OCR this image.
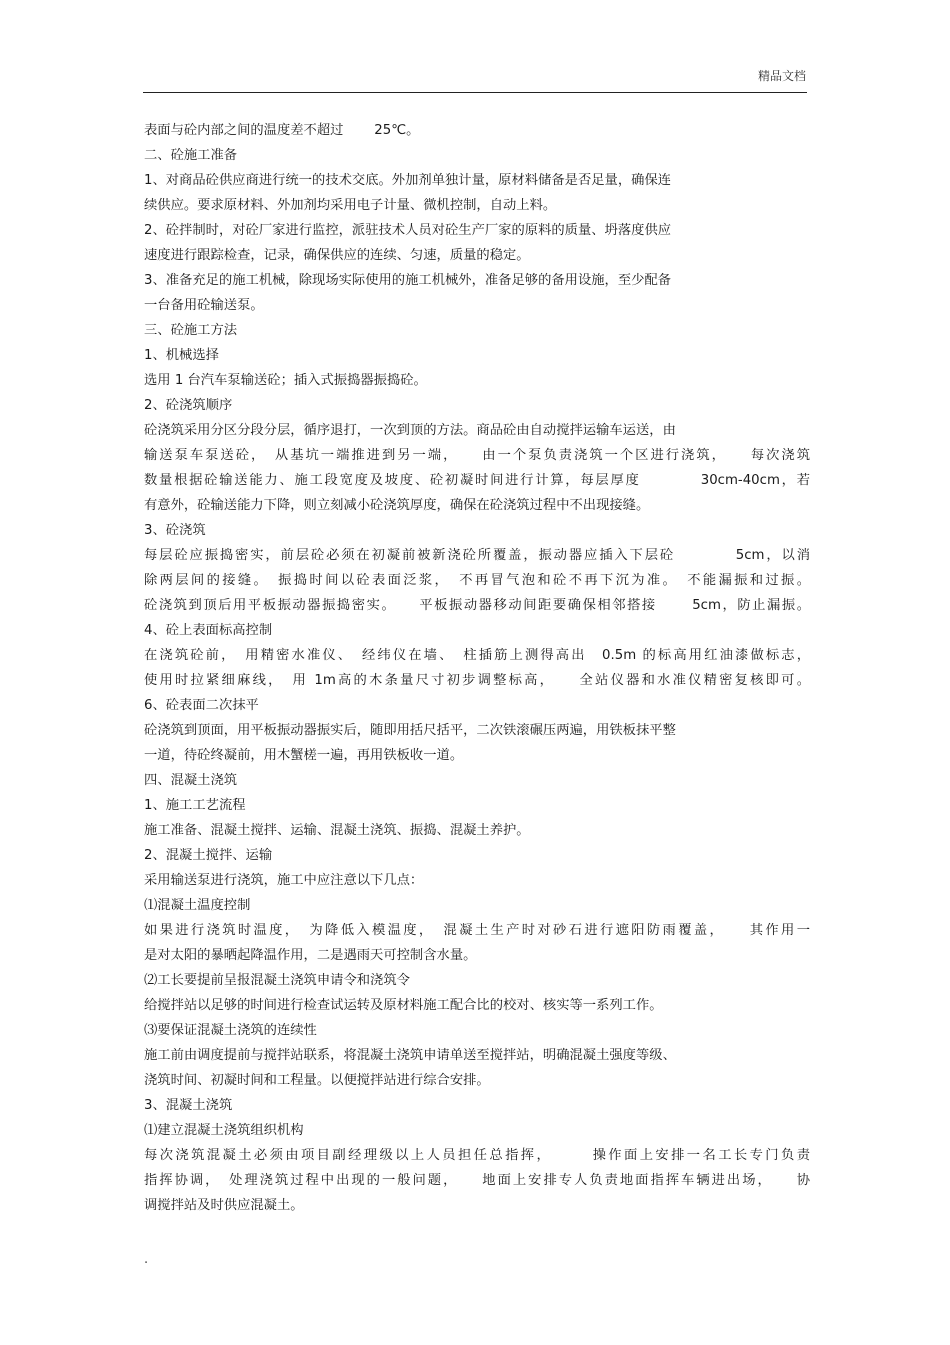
精品文档
表面与砼内部之间的温度差不超过　　 25℃。
二、砼施工准备
1、对商品砼供应商进行统一的技术交底。外加剂单独计量，原材料储备是否足量，确保连
续供应。要求原材料、外加剂均采用电子计量、微机控制，自动上料。
2、砼拌制时，对砼厂家进行监控，派驻技术人员对砼生产厂家的原料的质量、坍落度供应
速度进行跟踪检查，记录，确保供应的连续、匀速，质量的稳定。
3、准备充足的施工机械，除现场实际使用的施工机械外，准备足够的备用设施，至少配备
一台备用砼输送泵。
三、砼施工方法
1、机械选择
选用 1 台汽车泵输送砼；插入式振捣器振捣砼。
2、砼浇筑顺序
砼浇筑采用分区分段分层，循序退打，一次到顶的方法。商品砼由自动搅拌运输车运送，由
输送泵车泵送砼，　从基坑一端推进到另一端，　　由一个泵负责浇筑一个区进行浇筑，　　每次浇筑
数量根据砼输送能力、施工段宽度及坡度、砼初凝时间进行计算，每层厚度　　　　30cm-40cm，若
有意外，砼输送能力下降，则立刻减小砼浇筑厚度，确保在砼浇筑过程中不出现接缝。
3、砼浇筑
每层砼应振捣密实，前层砼必须在初凝前被新浇砼所覆盖，振动器应插入下层砼　　　　5cm，以消
除两层间的接缝。　振捣时间以砼表面泛浆，　不再冒气泡和砼不再下沉为准。　不能漏振和过振。
砼浇筑到顶后用平板振动器振捣密实。　　平板振动器移动间距要确保相邻搭接　　 5cm，防止漏振。
4、砼上表面标高控制
在浇筑砼前，　用精密水准仪、　经纬仪在墙、　柱插筋上测得高出　0.5m 的标高用红油漆做标志，
使用时拉紧细麻线，　用 1m高的木条量尺寸初步调整标高，　　全站仪器和水准仪精密复核即可。
6、砼表面二次抹平
砼浇筑到顶面，用平板振动器振实后，随即用括尺括平，二次铁滚碾压两遍，用铁板抹平整
一道，待砼终凝前，用木蟹槎一遍，再用铁板收一道。
四、混凝土浇筑
1、施工工艺流程
施工准备、混凝土搅拌、运输、混凝土浇筑、振捣、混凝土养护。
2、混凝土搅拌、运输
采用输送泵进行浇筑，施工中应注意以下几点：
⑴混凝土温度控制
如果进行浇筑时温度，　为降低入模温度，　混凝土生产时对砂石进行遮阳防雨覆盖，　　其作用一
是对太阳的暴晒起降温作用，二是遇雨天可控制含水量。
⑵工长要提前呈报混凝土浇筑申请令和浇筑令
给搅拌站以足够的时间进行检查试运转及原材料施工配合比的校对、核实等一系列工作。
⑶要保证混凝土浇筑的连续性
施工前由调度提前与搅拌站联系，将混凝土浇筑申请单送至搅拌站，明确混凝土强度等级、
浇筑时间、初凝时间和工程量。以便搅拌站进行综合安排。
3、混凝土浇筑
⑴建立混凝土浇筑组织机构
每次浇筑混凝土必须由项目副经理级以上人员担任总指挥，　　　操作面上安排一名工长专门负责
指挥协调，　处理浇筑过程中出现的一般问题，　　地面上安排专人负责地面指挥车辆进出场，　　协
调搅拌站及时供应混凝土。
.
